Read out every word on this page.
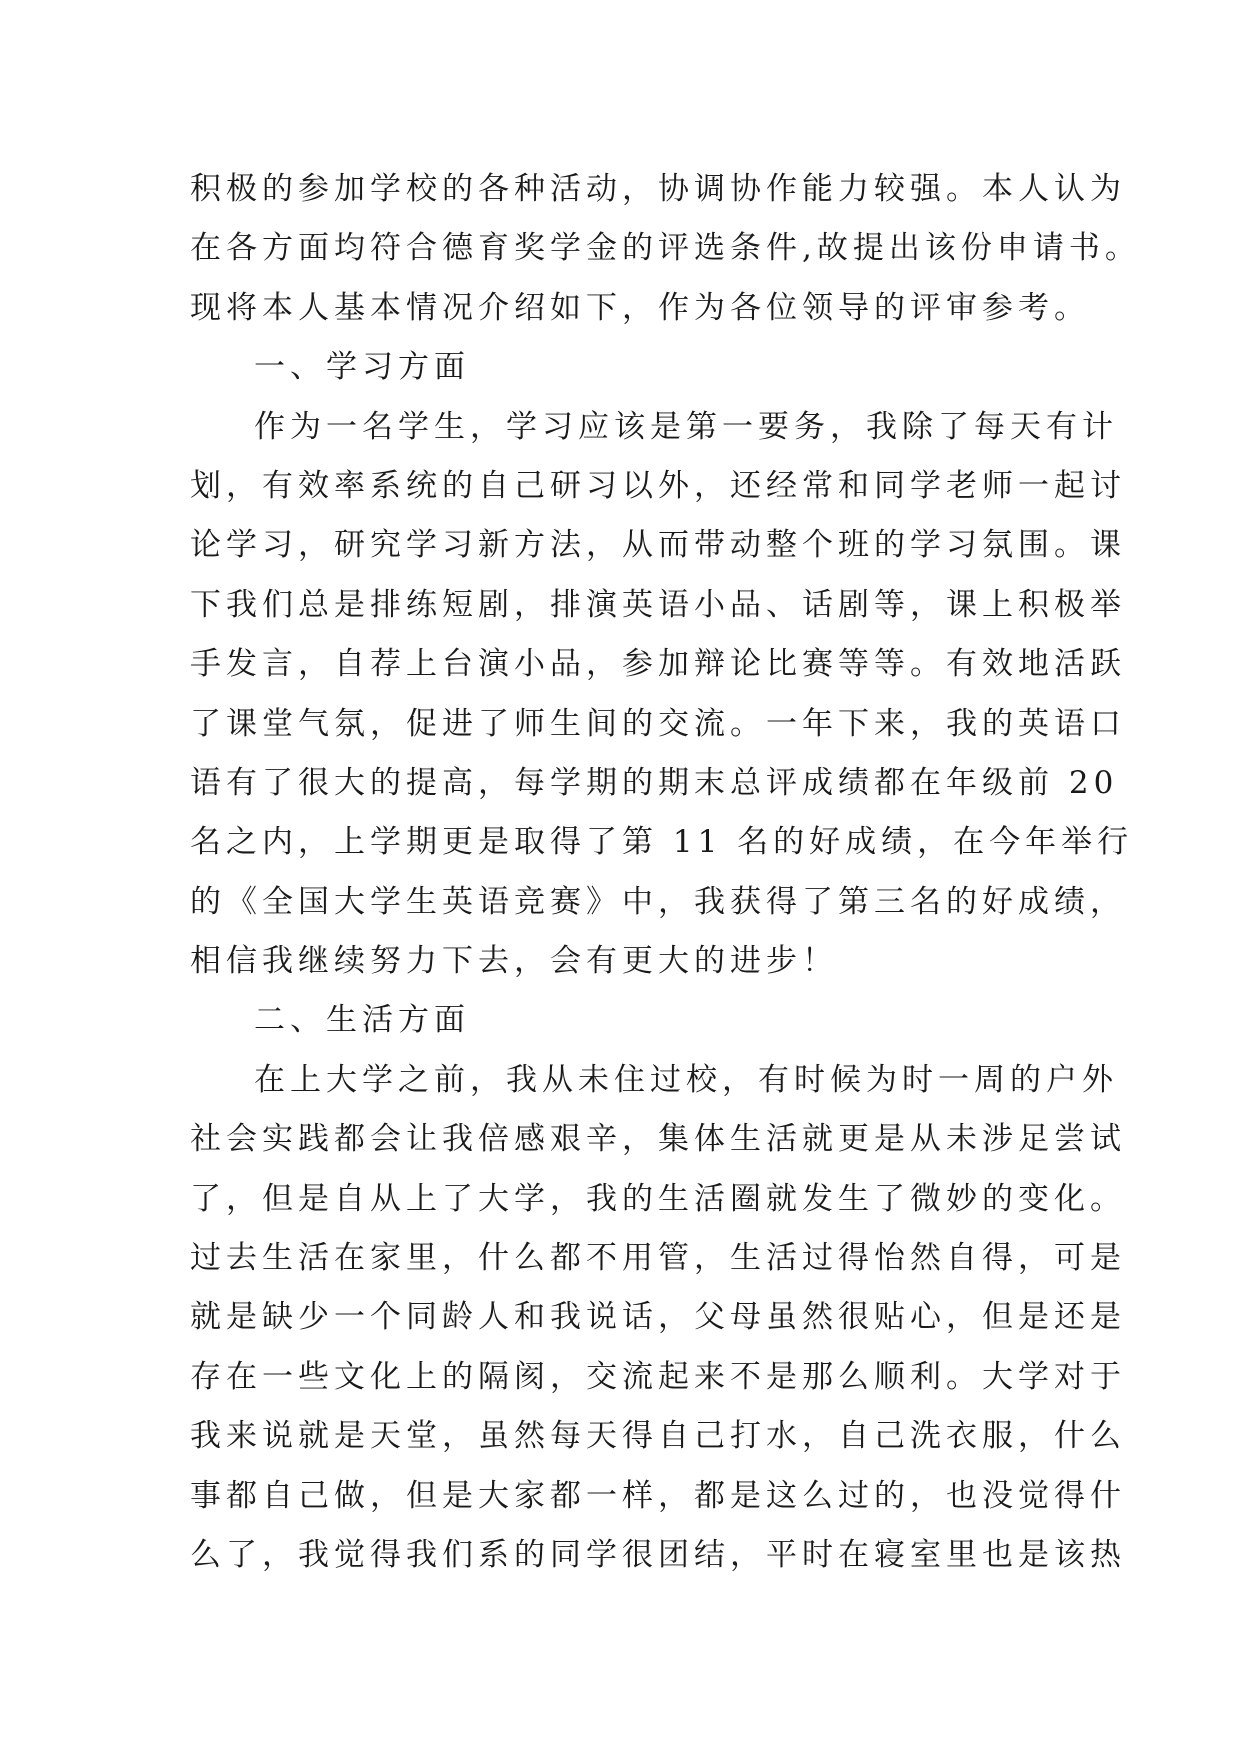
积极的参加学校的各种活动，协调协作能力较强。本人认为
在各方面均符合德育奖学金的评选条件,故提出该份申请书。
现将本人基本情况介绍如下，作为各位领导的评审参考。
一、学习方面
作为一名学生，学习应该是第一要务，我除了每天有计
划，有效率系统的自己研习以外，还经常和同学老师一起讨
论学习，研究学习新方法，从而带动整个班的学习氛围。课
下我们总是排练短剧，排演英语小品、话剧等，课上积极举
手发言，自荐上台演小品，参加辩论比赛等等。有效地活跃
了课堂气氛，促进了师生间的交流。一年下来，我的英语口
语有了很大的提高，每学期的期末总评成绩都在年级前 20
名之内，上学期更是取得了第 11 名的好成绩，在今年举行
的《全国大学生英语竞赛》中，我获得了第三名的好成绩，
相信我继续努力下去，会有更大的进步！
二、生活方面
在上大学之前，我从未住过校，有时候为时一周的户外
社会实践都会让我倍感艰辛，集体生活就更是从未涉足尝试
了，但是自从上了大学，我的生活圈就发生了微妙的变化。
过去生活在家里，什么都不用管，生活过得怡然自得，可是
就是缺少一个同龄人和我说话，父母虽然很贴心，但是还是
存在一些文化上的隔阂，交流起来不是那么顺利。大学对于
我来说就是天堂，虽然每天得自己打水，自己洗衣服，什么
事都自己做，但是大家都一样，都是这么过的，也没觉得什
么了，我觉得我们系的同学很团结，平时在寝室里也是该热
